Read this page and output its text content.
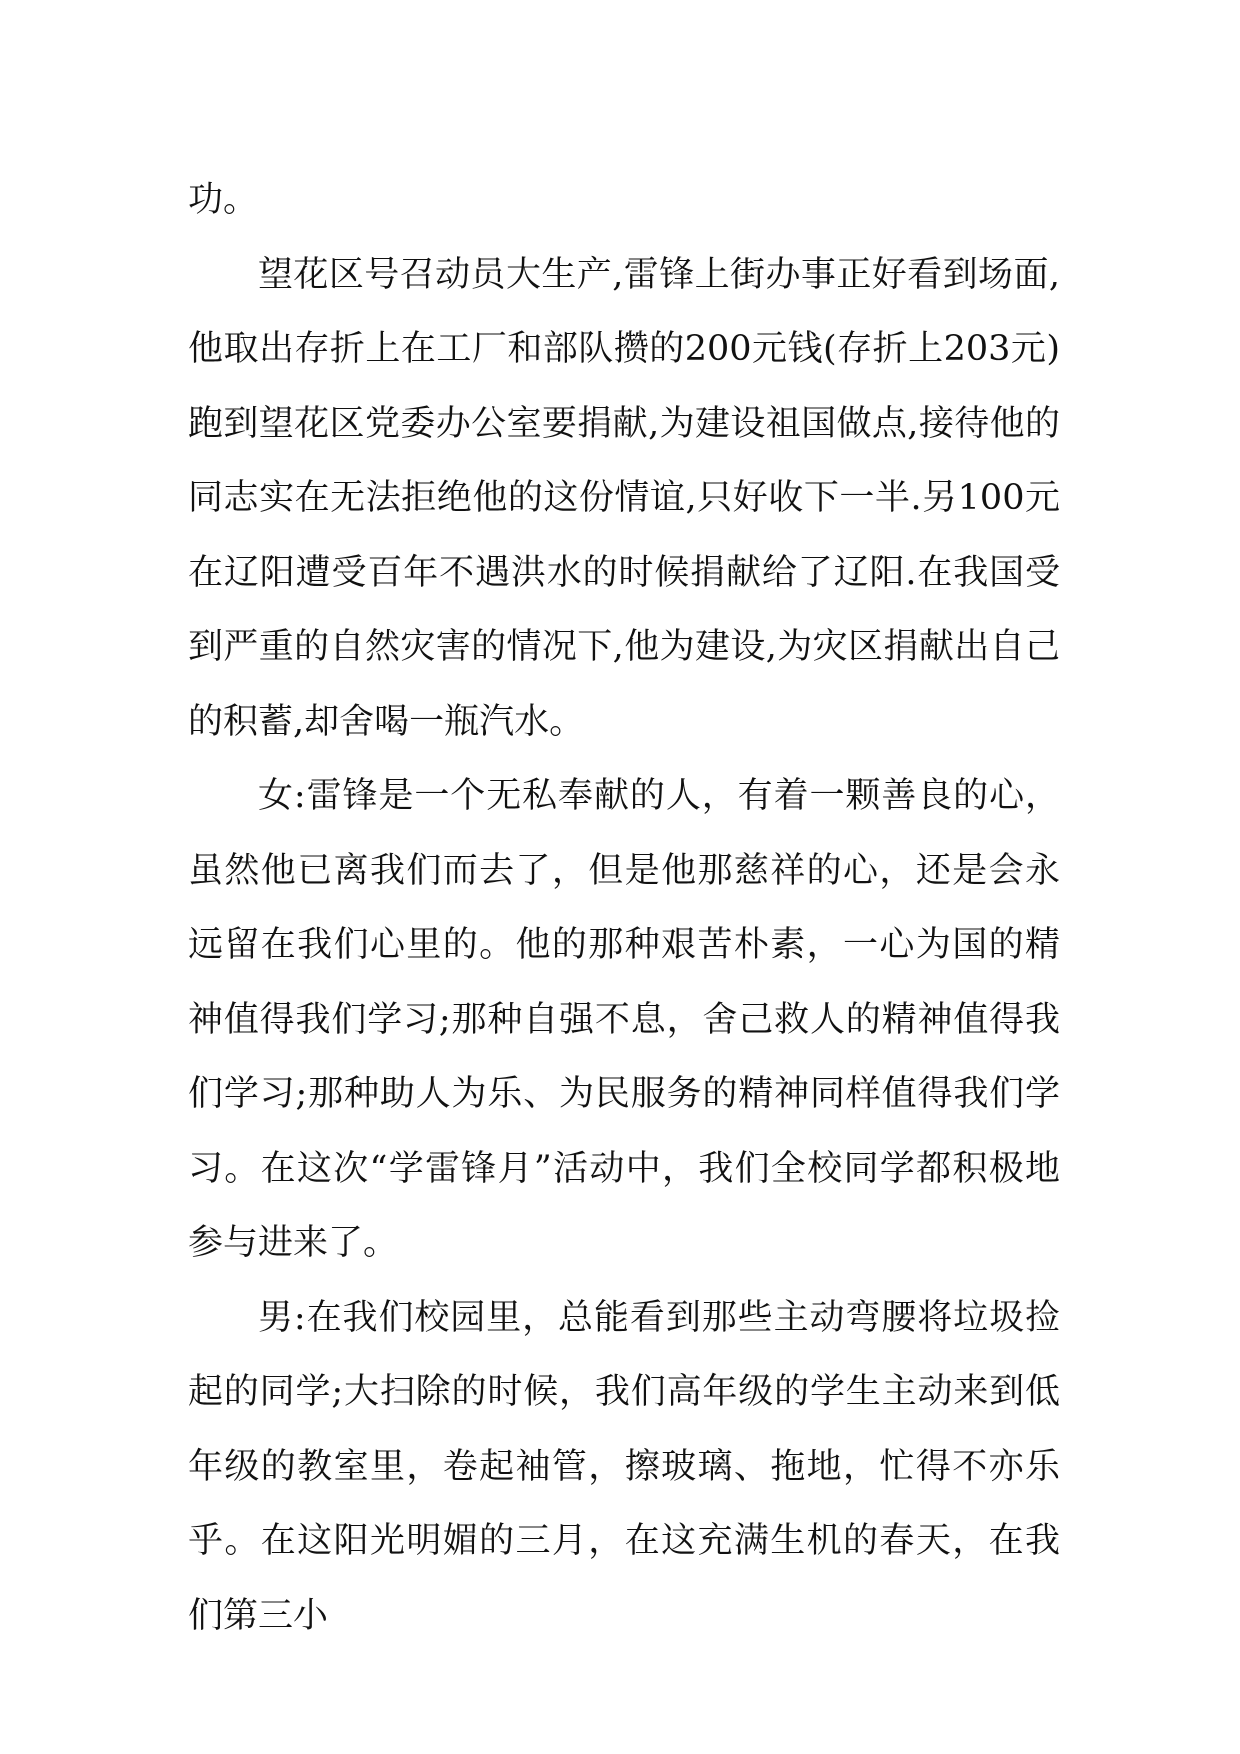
功。

望花区号召动员大生产,雷锋上街办事正好看到场面,他取出存折上在工厂和部队攒的200元钱(存折上203元)跑到望花区党委办公室要捐献,为建设祖国做点,接待他的同志实在无法拒绝他的这份情谊,只好收下一半.另100元在辽阳遭受百年不遇洪水的时候捐献给了辽阳.在我国受到严重的自然灾害的情况下,他为建设,为灾区捐献出自己的积蓄,却舍喝一瓶汽水。

女:雷锋是一个无私奉献的人，有着一颗善良的心，虽然他已离我们而去了，但是他那慈祥的心，还是会永远留在我们心里的。他的那种艰苦朴素，一心为国的精神值得我们学习;那种自强不息，舍己救人的精神值得我们学习;那种助人为乐、为民服务的精神同样值得我们学习。在这次“学雷锋月”活动中，我们全校同学都积极地参与进来了。

男:在我们校园里，总能看到那些主动弯腰将垃圾捡起的同学;大扫除的时候，我们高年级的学生主动来到低年级的教室里，卷起袖管，擦玻璃、拖地，忙得不亦乐乎。在这阳光明媚的三月，在这充满生机的春天，在我们第三小
